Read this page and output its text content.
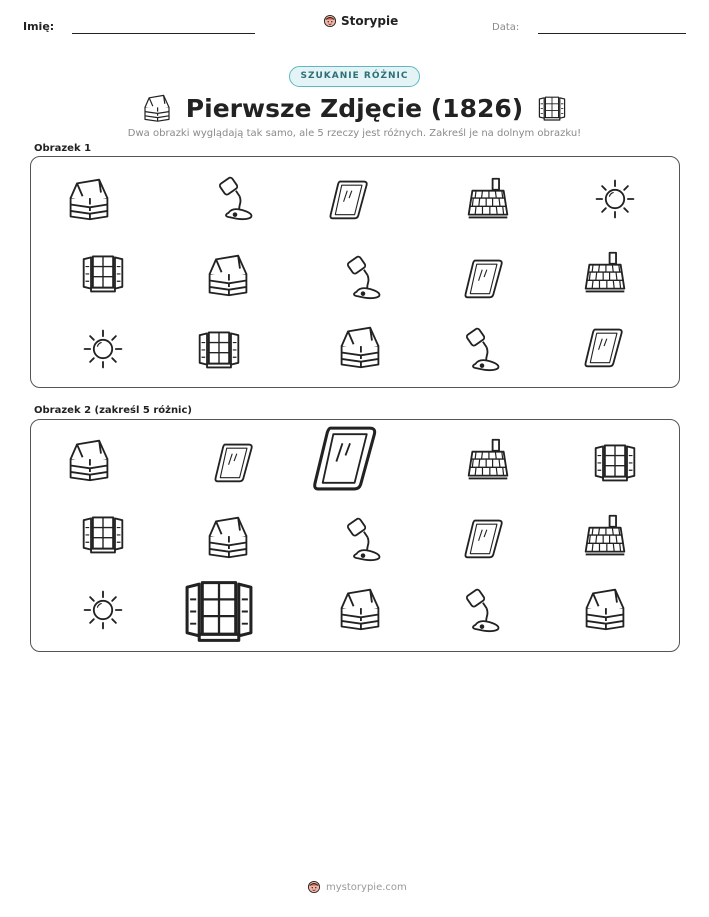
Imię:	Storypie	Data:
SZUKANIE RÓŻNIC
Pierwsze Zdjęcie (1826)
Dwa obrazki wyglądają tak samo, ale 5 rzeczy jest różnych. Zakreśl je na dolnym obrazku!
Obrazek 1
Obrazek 2 (zakreśl 5 różnic)
mystorypie.com
